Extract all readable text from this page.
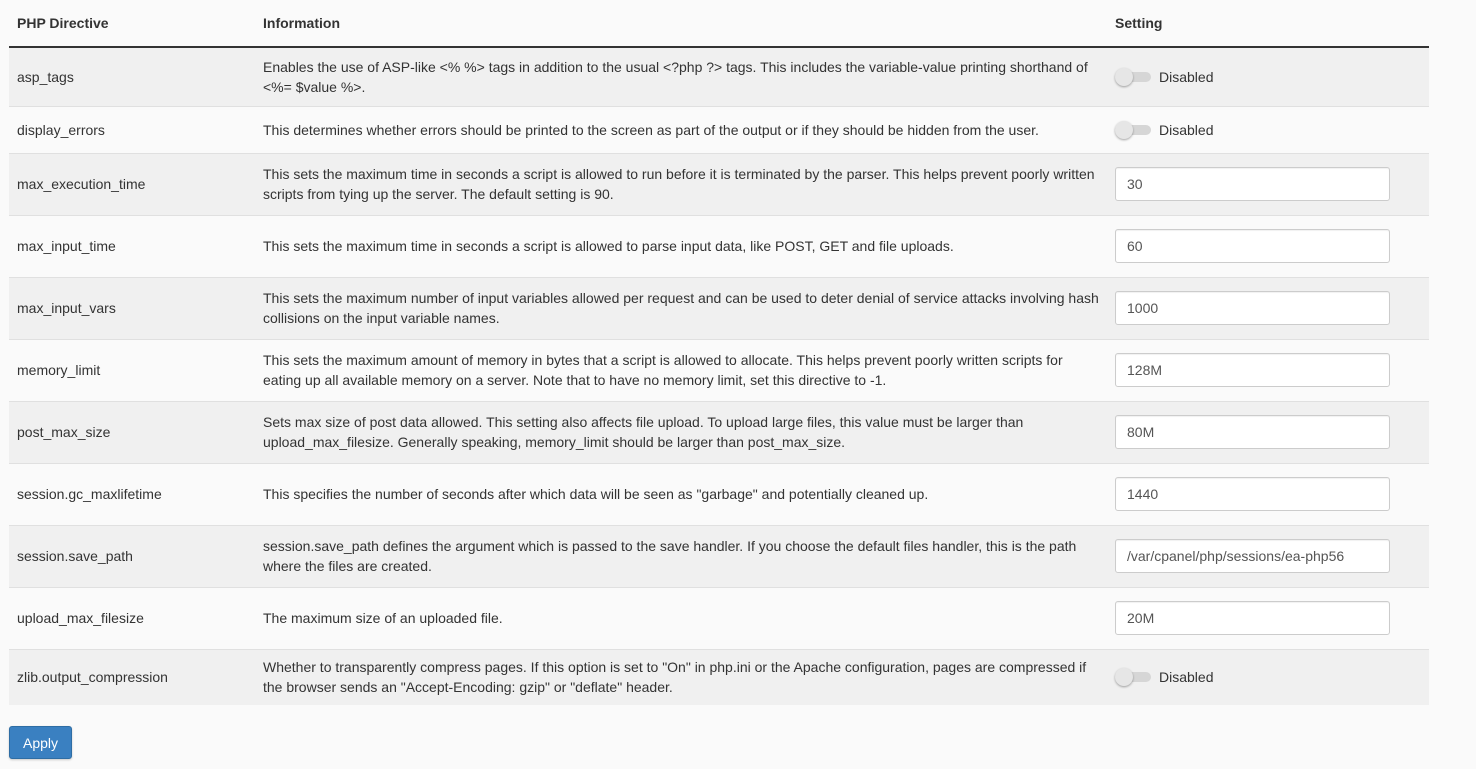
PHP Directive	Information	Setting
asp_tags	Enables the use of ASP-like <% %> tags in addition to the usual <?php ?> tags. This includes the variable-value printing shorthand of <%= $value %>.	Disabled

display_errors	This determines whether errors should be printed to the screen as part of the output or if they should be hidden from the user.	Disabled

max_execution_time	This sets the maximum time in seconds a script is allowed to run before it is terminated by the parser. This helps prevent poorly written scripts from tying up the server. The default setting is 90.	30
max_input_time	This sets the maximum time in seconds a script is allowed to parse input data, like POST, GET and file uploads.	60
max_input_vars	This sets the maximum number of input variables allowed per request and can be used to deter denial of service attacks involving hash collisions on the input variable names.	1000
memory_limit	This sets the maximum amount of memory in bytes that a script is allowed to allocate. This helps prevent poorly written scripts for eating up all available memory on a server. Note that to have no memory limit, set this directive to -1.	128M
post_max_size	Sets max size of post data allowed. This setting also affects file upload. To upload large files, this value must be larger than upload_max_filesize. Generally speaking, memory_limit should be larger than post_max_size.	80M
session.gc_maxlifetime	This specifies the number of seconds after which data will be seen as "garbage" and potentially cleaned up.	1440
session.save_path	session.save_path defines the argument which is passed to the save handler. If you choose the default files handler, this is the path where the files are created.	/var/cpanel/php/sessions/ea-php56
upload_max_filesize	The maximum size of an uploaded file.	20M
zlib.output_compression	Whether to transparently compress pages. If this option is set to "On" in php.ini or the Apache configuration, pages are compressed if the browser sends an "Accept-Encoding: gzip" or "deflate" header.	Disabled
Apply
